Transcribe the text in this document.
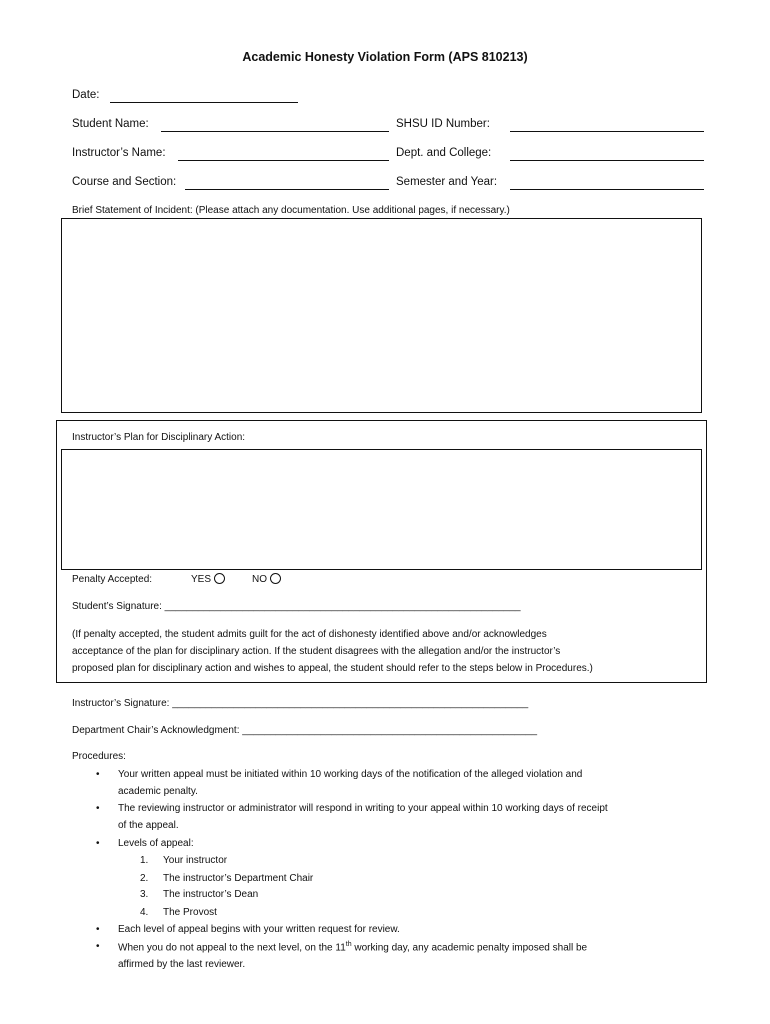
Academic Honesty Violation Form (APS 810213)
Date:
Student Name:	SHSU ID Number:
Instructor’s Name:	Dept. and College:
Course and Section:	Semester and Year:
Brief Statement of Incident: (Please attach any documentation. Use additional pages, if necessary.)
Instructor’s Plan for Disciplinary Action:
Penalty Accepted:	YES	NO
Student’s Signature: ________________________________________________________________
(If penalty accepted, the student admits guilt for the act of dishonesty identified above and/or acknowledges
acceptance of the plan for disciplinary action. If the student disagrees with the allegation and/or the instructor’s
proposed plan for disciplinary action and wishes to appeal, the student should refer to the steps below in Procedures.)
Instructor’s Signature: ________________________________________________________________
Department Chair’s Acknowledgment: _____________________________________________________
Procedures:
• Your written appeal must be initiated within 10 working days of the notification of the alleged violation and
academic penalty.
• The reviewing instructor or administrator will respond in writing to your appeal within 10 working days of receipt
of the appeal.
• Levels of appeal:
1. Your instructor
2. The instructor’s Department Chair
3. The instructor’s Dean
4. The Provost
• Each level of appeal begins with your written request for review.
• When you do not appeal to the next level, on the 11th working day, any academic penalty imposed shall be
affirmed by the last reviewer.
